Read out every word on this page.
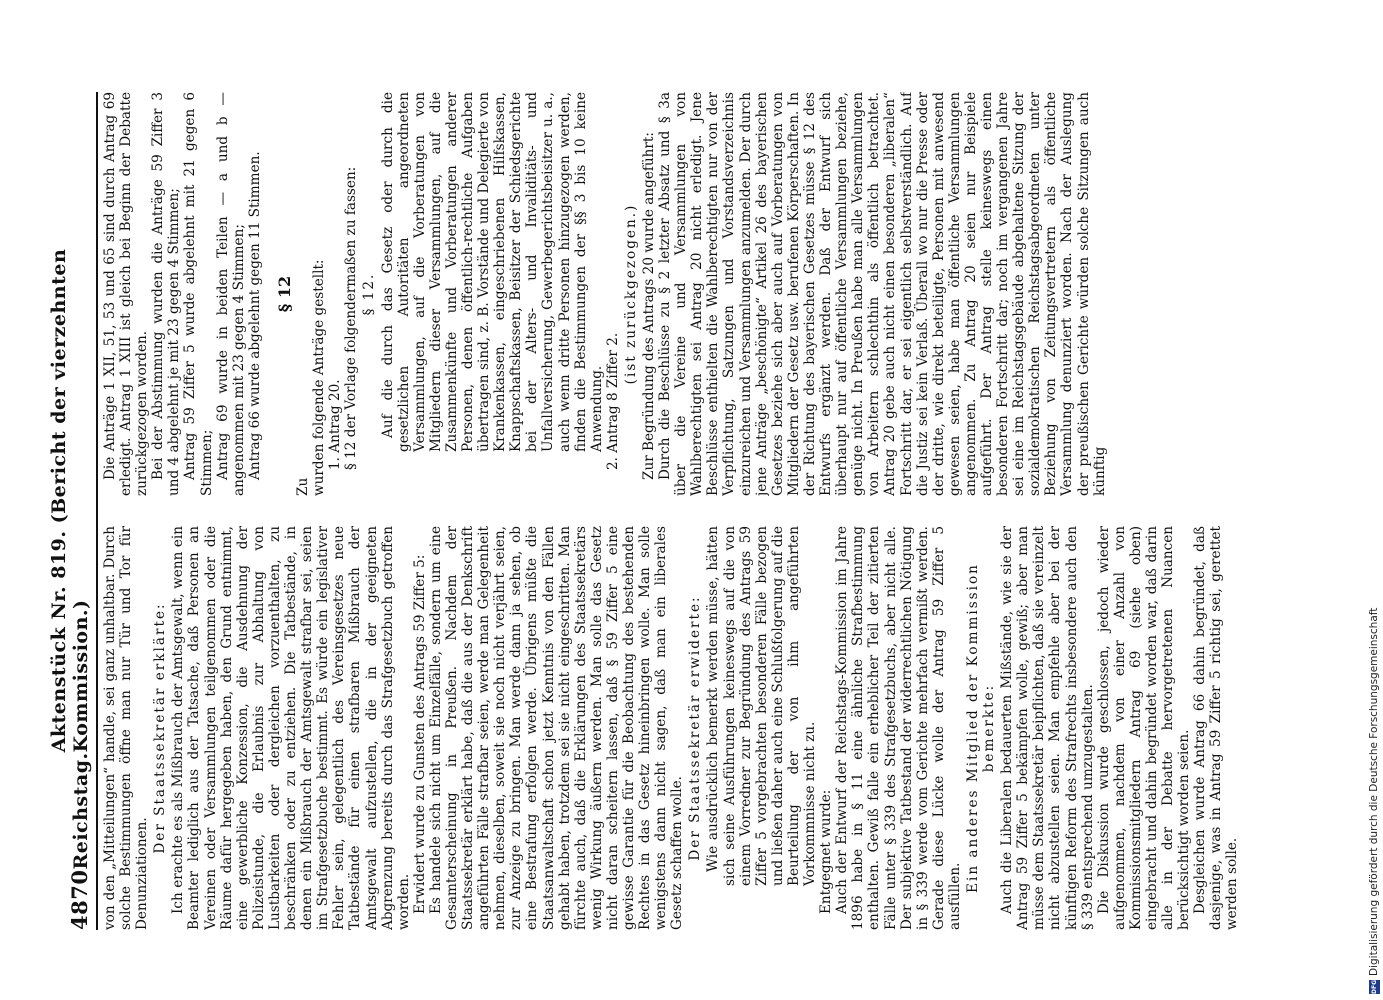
4870
Reichstag.
Aktenstück Nr. 819. (Bericht der vierzehnten Kommission.) von den „Mitteilungen“ handle, sei ganz unhaltbar. Durch solche Bestimmungen öffne man nur Tür und Tor für Denunziationen.

Der Staatssekretär erklärte: Ich erachte es als Mißbrauch der Amtsgewalt, wenn ein Beamter lediglich aus der Tatsache, daß Personen an Vereinen oder Versammlungen teilgenommen oder die Räume dafür hergegeben haben, den Grund entnimmt, eine gewerbliche Konzession, die Ausdehnung der Polizeistunde, die Erlaubnis zur Abhaltung von Lustbarkeiten oder dergleichen vorzuenthalten, zu beschränken oder zu entziehen. Die Tatbestände, in denen ein Mißbrauch der Amtsgewalt strafbar sei, seien im Strafgesetzbuche bestimmt. Es würde ein legislativer Fehler sein, gelegentlich des Vereinsgesetzes neue Tatbestände für einen strafbaren Mißbrauch der Amtsgewalt aufzustellen, die in der geeigneten Abgrenzung bereits durch das Strafgesetzbuch getroffen worden. Erwidert wurde zu Gunsten des Antrags 59 Ziffer 5: Es handele sich nicht um Einzelfälle, sondern um eine Gesamterscheinung in Preußen. Nachdem der Staatssekretär erklärt habe, daß die aus der Denkschrift angeführten Fälle strafbar seien, werde man Gelegenheit nehmen, dieselben, soweit sie noch nicht verjährt seien, zur Anzeige zu bringen. Man werde dann ja sehen, ob eine Bestrafung erfolgen werde. Übrigens müßte die Staatsanwaltschaft schon jetzt Kenntnis von den Fällen gehabt haben, trotzdem sei sie nicht eingeschritten. Man fürchte auch, daß die Erklärungen des Staatssekretärs wenig Wirkung äußern werden. Man solle das Gesetz nicht daran scheitern lassen, daß § 59 Ziffer 5 eine gewisse Garantie für die Beobachtung des bestehenden Rechtes in das Gesetz hineinbringen wolle. Man solle wenigstens dann nicht sagen, daß man ein liberales Gesetz schaffen wolle. Der Staatssekretär erwiderte: Wie ausdrücklich bemerkt werden müsse, hätten sich seine Ausführungen keineswegs auf die von einem Vorredner zur Begründung des Antrags 59 Ziffer 5 vorgebrachten besonderen Fälle bezogen und ließen daher auch eine Schlußfolgerung auf die Beurteilung der von ihm angeführten Vorkommnisse nicht zu. Entgegnet wurde: Auch der Entwurf der Reichstags-Kommission im Jahre 1896 habe in § 11 eine ähnliche Strafbestimmung enthalten. Gewiß falle ein erheblicher Teil der zitierten Fälle unter § 339 des Strafgesetzbuchs, aber nicht alle. Der subjektive Tatbestand der widerrechtlichen Nötigung in § 339 werde vom Gerichte mehrfach vermißt werden. Gerade diese Lücke wolle der Antrag 59 Ziffer 5 ausfüllen.

Ein anderes Mitglied der Kommission bemerkte: Auch die Liberalen bedauerten Mißstände, wie sie der Antrag 59 Ziffer 5 bekämpfen wolle, gewiß; aber man müsse dem Staatssekretär beipflichten, daß sie vereinzelt nicht abzustellen seien. Man empfehle aber bei der künftigen Reform des Strafrechts insbesondere auch den § 339 entsprechend umzugestalten. Die Diskussion wurde geschlossen, jedoch wieder aufgenommen, nachdem von einer Anzahl von Kommissionsmitgliedern Antrag 69 (siehe oben) eingebracht und dahin begründet worden war, daß darin alle in der Debatte hervorgetretenen Nuancen berücksichtigt worden seien. Desgleichen wurde Antrag 66 dahin begründet, daß dasjenige, was in Antrag 59 Ziffer 5 richtig sei, gerettet werden solle.

Die Anträge 1 XII, 51, 53 und 65 sind durch Antrag 69 erledigt. Antrag 1 XIII ist gleich bei Beginn der Debatte zurückgezogen worden. Bei der Abstimmung wurden die Anträge 59 Ziffer 3 und 4 abgelehnt je mit 23 gegen 4 Stimmen; Antrag 59 Ziffer 5 wurde abgelehnt mit 21 gegen 6 Stimmen; Antrag 69 wurde in beiden Teilen — a und b — angenommen mit 23 gegen 4 Stimmen; Antrag 66 wurde abgelehnt gegen 11 Stimmen. § 12

Zu wurden folgende Anträge gestellt: 1. Antrag 20. § 12 der Vorlage folgendermaßen zu fassen: § 12. Auf die durch das Gesetz oder durch die gesetzlichen Autoritäten angeordneten Versammlungen, auf die Vorberatungen von Mitgliedern dieser Versammlungen, auf die Zusammenkünfte und Vorberatungen anderer Personen, denen öffentlich-rechtliche Aufgaben übertragen sind, z. B. Vorstände und Delegierte von Krankenkassen, eingeschriebenen Hilfskassen, Knappschaftskassen, Beisitzer der Schiedsgerichte bei der Alters- und Invaliditäts- und Unfallversicherung, Gewerbegerichtsbeisitzer u. a., auch wenn dritte Personen hinzugezogen werden, finden die Bestimmungen der §§ 3 bis 10 keine Anwendung. 2. Antrag 8 Ziffer 2.

(ist zurückgezogen.) Zur Begründung des Antrags 20 wurde angeführt: Durch die Beschlüsse zu § 2 letzter Absatz und § 3a über die Vereine und Versammlungen von Wahlberechtigten sei Antrag 20 nicht erledigt. Jene Beschlüsse enthielten die Wahlberechtigten nur von der Verpflichtung, Satzungen und Vorstandsverzeichnis einzureichen und Versammlungen anzumelden. Der durch jene Anträge „beschönigte“ Artikel 26 des bayerischen Gesetzes beziehe sich aber auch auf Vorberatungen von Mitgliedern der Gesetz usw. berufenen Körperschaften. In der Richtung des bayerischen Gesetzes müsse § 12 des Entwurfs ergänzt werden. Daß der Entwurf sich überhaupt nur auf öffentliche Versammlungen beziehe, genüge nicht. In Preußen habe man alle Versammlungen von Arbeitern schlechthin als öffentlich betrachtet. Antrag 20 gebe auch nicht einen besonderen „liberalen“ Fortschritt dar, er sei eigentlich selbstverständlich. Auf die Justiz sei kein Verlaß. Überall wo nur die Presse oder der dritte, wie direkt beteiligte, Personen mit anwesend gewesen seien, habe man öffentliche Versammlungen angenommen. Zu Antrag 20 seien nur Beispiele aufgeführt. Der Antrag stelle keineswegs einen besonderen Fortschritt dar; noch im vergangenen Jahre sei eine im Reichstagsgebäude abgehaltene Sitzung der sozialdemokratischen Reichstagsabgeordneten unter Beziehung von Zeitungsvertretern als öffentliche Versammlung denunziert worden. Nach der Auslegung der preußischen Gerichte würden solche Sitzungen auch künftig

DFG
Digitalisierung gefördert durch die Deutsche Forschungsgemeinschaft
